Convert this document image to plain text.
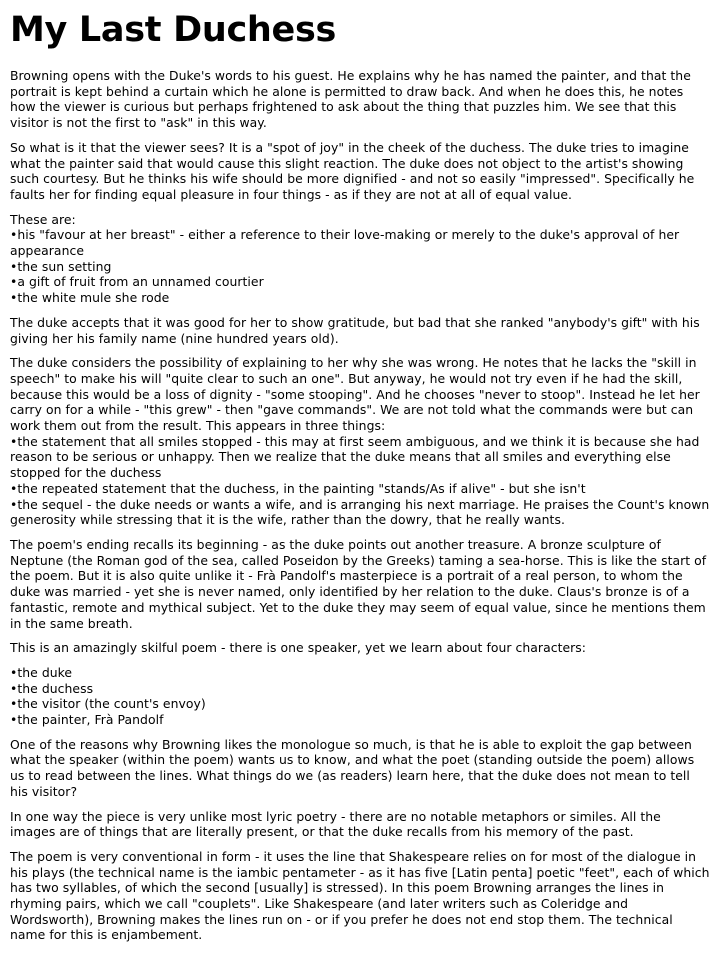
My Last Duchess

Browning opens with the Duke's words to his guest. He explains why he has named the painter, and that the portrait is kept behind a curtain which he alone is permitted to draw back. And when he does this, he notes how the viewer is curious but perhaps frightened to ask about the thing that puzzles him. We see that this visitor is not the first to "ask" in this way.

So what is it that the viewer sees? It is a "spot of joy" in the cheek of the duchess. The duke tries to imagine what the painter said that would cause this slight reaction. The duke does not object to the artist's showing such courtesy. But he thinks his wife should be more dignified - and not so easily "impressed". Specifically he faults her for finding equal pleasure in four things - as if they are not at all of equal value.

These are:
• his "favour at her breast" - either a reference to their love-making or merely to the duke's approval of her appearance
• the sun setting
• a gift of fruit from an unnamed courtier
• the white mule she rode

The duke accepts that it was good for her to show gratitude, but bad that she ranked "anybody's gift" with his giving her his family name (nine hundred years old).

The duke considers the possibility of explaining to her why she was wrong. He notes that he lacks the "skill in speech" to make his will "quite clear to such an one". But anyway, he would not try even if he had the skill, because this would be a loss of dignity - "some stooping". And he chooses "never to stoop". Instead he let her carry on for a while - "this grew" - then "gave commands". We are not told what the commands were but can work them out from the result. This appears in three things:
• the statement that all smiles stopped - this may at first seem ambiguous, and we think it is because she had reason to be serious or unhappy. Then we realize that the duke means that all smiles and everything else stopped for the duchess
• the repeated statement that the duchess, in the painting "stands/As if alive" - but she isn't
• the sequel - the duke needs or wants a wife, and is arranging his next marriage. He praises the Count's known generosity while stressing that it is the wife, rather than the dowry, that he really wants.

The poem's ending recalls its beginning - as the duke points out another treasure. A bronze sculpture of Neptune (the Roman god of the sea, called Poseidon by the Greeks) taming a sea-horse. This is like the start of the poem. But it is also quite unlike it - Frà Pandolf's masterpiece is a portrait of a real person, to whom the duke was married - yet she is never named, only identified by her relation to the duke. Claus's bronze is of a fantastic, remote and mythical subject. Yet to the duke they may seem of equal value, since he mentions them in the same breath.

This is an amazingly skilful poem - there is one speaker, yet we learn about four characters:

• the duke
• the duchess
• the visitor (the count's envoy)
• the painter, Frà Pandolf

One of the reasons why Browning likes the monologue so much, is that he is able to exploit the gap between what the speaker (within the poem) wants us to know, and what the poet (standing outside the poem) allows us to read between the lines. What things do we (as readers) learn here, that the duke does not mean to tell his visitor?

In one way the piece is very unlike most lyric poetry - there are no notable metaphors or similes. All the images are of things that are literally present, or that the duke recalls from his memory of the past.

The poem is very conventional in form - it uses the line that Shakespeare relies on for most of the dialogue in his plays (the technical name is the iambic pentameter - as it has five [Latin penta] poetic "feet", each of which has two syllables, of which the second [usually] is stressed). In this poem Browning arranges the lines in rhyming pairs, which we call "couplets". Like Shakespeare (and later writers such as Coleridge and Wordsworth), Browning makes the lines run on - or if you prefer he does not end stop them. The technical name for this is enjambement.
